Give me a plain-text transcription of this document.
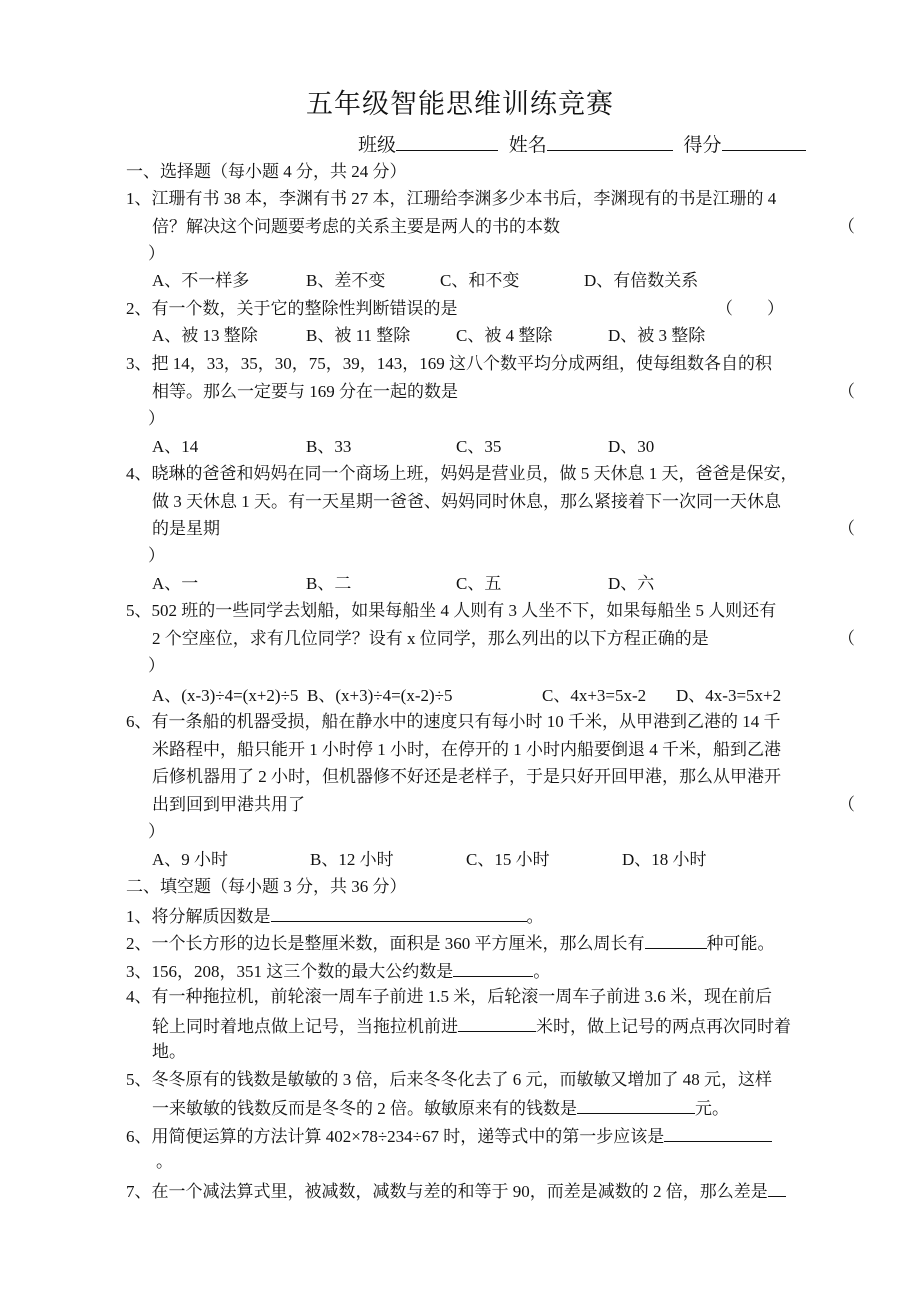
五年级智能思维训练竞赛
班级	姓名	得分
一、选择题（每小题 4 分，共 24 分）
1、江珊有书 38 本，李渊有书 27 本，江珊给李渊多少本书后，李渊现有的书是江珊的 4
倍？解决这个问题要考虑的关系主要是两人的书的本数	（
）
A、不一样多	B、差不变	C、和不变	D、有倍数关系
2、有一个数，关于它的整除性判断错误的是	（　　）
A、被 13 整除	B、被 11 整除	C、被 4 整除	D、被 3 整除
3、把 14，33，35，30，75，39，143，169 这八个数平均分成两组，使每组数各自的积
相等。那么一定要与 169 分在一起的数是	（
）
A、14	B、33	C、35	D、30
4、晓琳的爸爸和妈妈在同一个商场上班，妈妈是营业员，做 5 天休息 1 天，爸爸是保安，
做 3 天休息 1 天。有一天星期一爸爸、妈妈同时休息，那么紧接着下一次同一天休息
的是星期	（
）
A、一	B、二	C、五	D、六
5、502 班的一些同学去划船，如果每船坐 4 人则有 3 人坐不下，如果每船坐 5 人则还有
2 个空座位，求有几位同学？设有 x 位同学，那么列出的以下方程正确的是	（
）
A、(x-3)÷4=(x+2)÷5 B、(x+3)÷4=(x-2)÷5	C、4x+3=5x-2 D、4x-3=5x+2
6、有一条船的机器受损，船在静水中的速度只有每小时 10 千米，从甲港到乙港的 14 千
米路程中，船只能开 1 小时停 1 小时，在停开的 1 小时内船要倒退 4 千米，船到乙港
后修机器用了 2 小时，但机器修不好还是老样子，于是只好开回甲港，那么从甲港开
出到回到甲港共用了	（
）
A、9 小时	B、12 小时	C、15 小时	D、18 小时
二、填空题（每小题 3 分，共 36 分）
1、将分解质因数是	。
2、一个长方形的边长是整厘米数，面积是 360 平方厘米，那么周长有	种可能。
3、156，208，351 这三个数的最大公约数是	。
4、有一种拖拉机，前轮滚一周车子前进 1.5 米，后轮滚一周车子前进 3.6 米，现在前后
轮上同时着地点做上记号，当拖拉机前进	米时，做上记号的两点再次同时着
地。
5、冬冬原有的钱数是敏敏的 3 倍，后来冬冬化去了 6 元，而敏敏又增加了 48 元，这样
一来敏敏的钱数反而是冬冬的 2 倍。敏敏原来有的钱数是	元。
6、用简便运算的方法计算 402×78÷234÷67 时，递等式中的第一步应该是
。
7、在一个减法算式里，被减数，减数与差的和等于 90，而差是减数的 2 倍，那么差是
